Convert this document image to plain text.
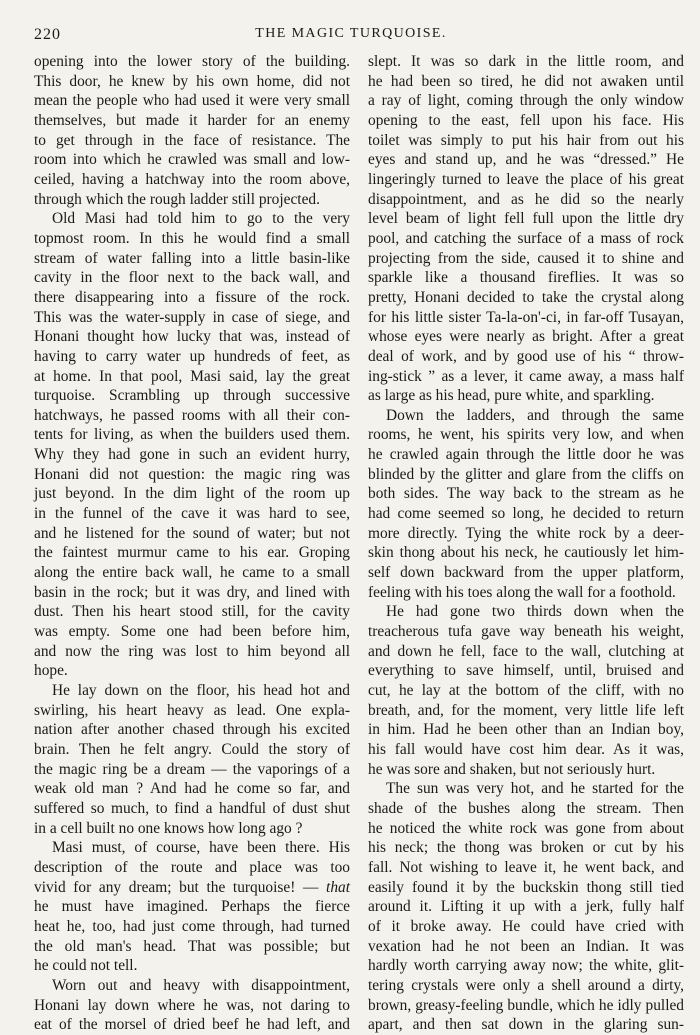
220	THE MAGIC TURQUOISE.
opening into the lower story of the building.
This door, he knew by his own home, did not
mean the people who had used it were very small
themselves, but made it harder for an enemy
to get through in the face of resistance. The
room into which he crawled was small and low-
ceiled, having a hatchway into the room above,
through which the rough ladder still projected.
Old Masi had told him to go to the very
topmost room. In this he would find a small
stream of water falling into a little basin-like
cavity in the floor next to the back wall, and
there disappearing into a fissure of the rock.
This was the water-supply in case of siege, and
Honani thought how lucky that was, instead of
having to carry water up hundreds of feet, as
at home. In that pool, Masi said, lay the great
turquoise. Scrambling up through successive
hatchways, he passed rooms with all their con-
tents for living, as when the builders used them.
Why they had gone in such an evident hurry,
Honani did not question: the magic ring was
just beyond. In the dim light of the room up
in the funnel of the cave it was hard to see,
and he listened for the sound of water; but not
the faintest murmur came to his ear. Groping
along the entire back wall, he came to a small
basin in the rock; but it was dry, and lined with
dust. Then his heart stood still, for the cavity
was empty. Some one had been before him,
and now the ring was lost to him beyond all
hope.
He lay down on the floor, his head hot and
swirling, his heart heavy as lead. One expla-
nation after another chased through his excited
brain. Then he felt angry. Could the story of
the magic ring be a dream — the vaporings of a
weak old man ? And had he come so far, and
suffered so much, to find a handful of dust shut
in a cell built no one knows how long ago ?
Masi must, of course, have been there. His
description of the route and place was too
vivid for any dream; but the turquoise! — that
he must have imagined. Perhaps the fierce
heat he, too, had just come through, had turned
the old man's head. That was possible; but
he could not tell.
Worn out and heavy with disappointment,
Honani lay down where he was, not daring to
eat of the morsel of dried beef he had left, and
slept. It was so dark in the little room, and
he had been so tired, he did not awaken until
a ray of light, coming through the only window
opening to the east, fell upon his face. His
toilet was simply to put his hair from out his
eyes and stand up, and he was “dressed.” He
lingeringly turned to leave the place of his great
disappointment, and as he did so the nearly
level beam of light fell full upon the little dry
pool, and catching the surface of a mass of rock
projecting from the side, caused it to shine and
sparkle like a thousand fireflies. It was so
pretty, Honani decided to take the crystal along
for his little sister Ta-la-on'-ci, in far-off Tusayan,
whose eyes were nearly as bright. After a great
deal of work, and by good use of his “ throw-
ing-stick ” as a lever, it came away, a mass half
as large as his head, pure white, and sparkling.
Down the ladders, and through the same
rooms, he went, his spirits very low, and when
he crawled again through the little door he was
blinded by the glitter and glare from the cliffs on
both sides. The way back to the stream as he
had come seemed so long, he decided to return
more directly. Tying the white rock by a deer-
skin thong about his neck, he cautiously let him-
self down backward from the upper platform,
feeling with his toes along the wall for a foothold.
He had gone two thirds down when the
treacherous tufa gave way beneath his weight,
and down he fell, face to the wall, clutching at
everything to save himself, until, bruised and
cut, he lay at the bottom of the cliff, with no
breath, and, for the moment, very little life left
in him. Had he been other than an Indian boy,
his fall would have cost him dear. As it was,
he was sore and shaken, but not seriously hurt.
The sun was very hot, and he started for the
shade of the bushes along the stream. Then
he noticed the white rock was gone from about
his neck; the thong was broken or cut by his
fall. Not wishing to leave it, he went back, and
easily found it by the buckskin thong still tied
around it. Lifting it up with a jerk, fully half
of it broke away. He could have cried with
vexation had he not been an Indian. It was
hardly worth carrying away now; the white, glit-
tering crystals were only a shell around a dirty,
brown, greasy-feeling bundle, which he idly pulled
apart, and then sat down in the glaring sun-
